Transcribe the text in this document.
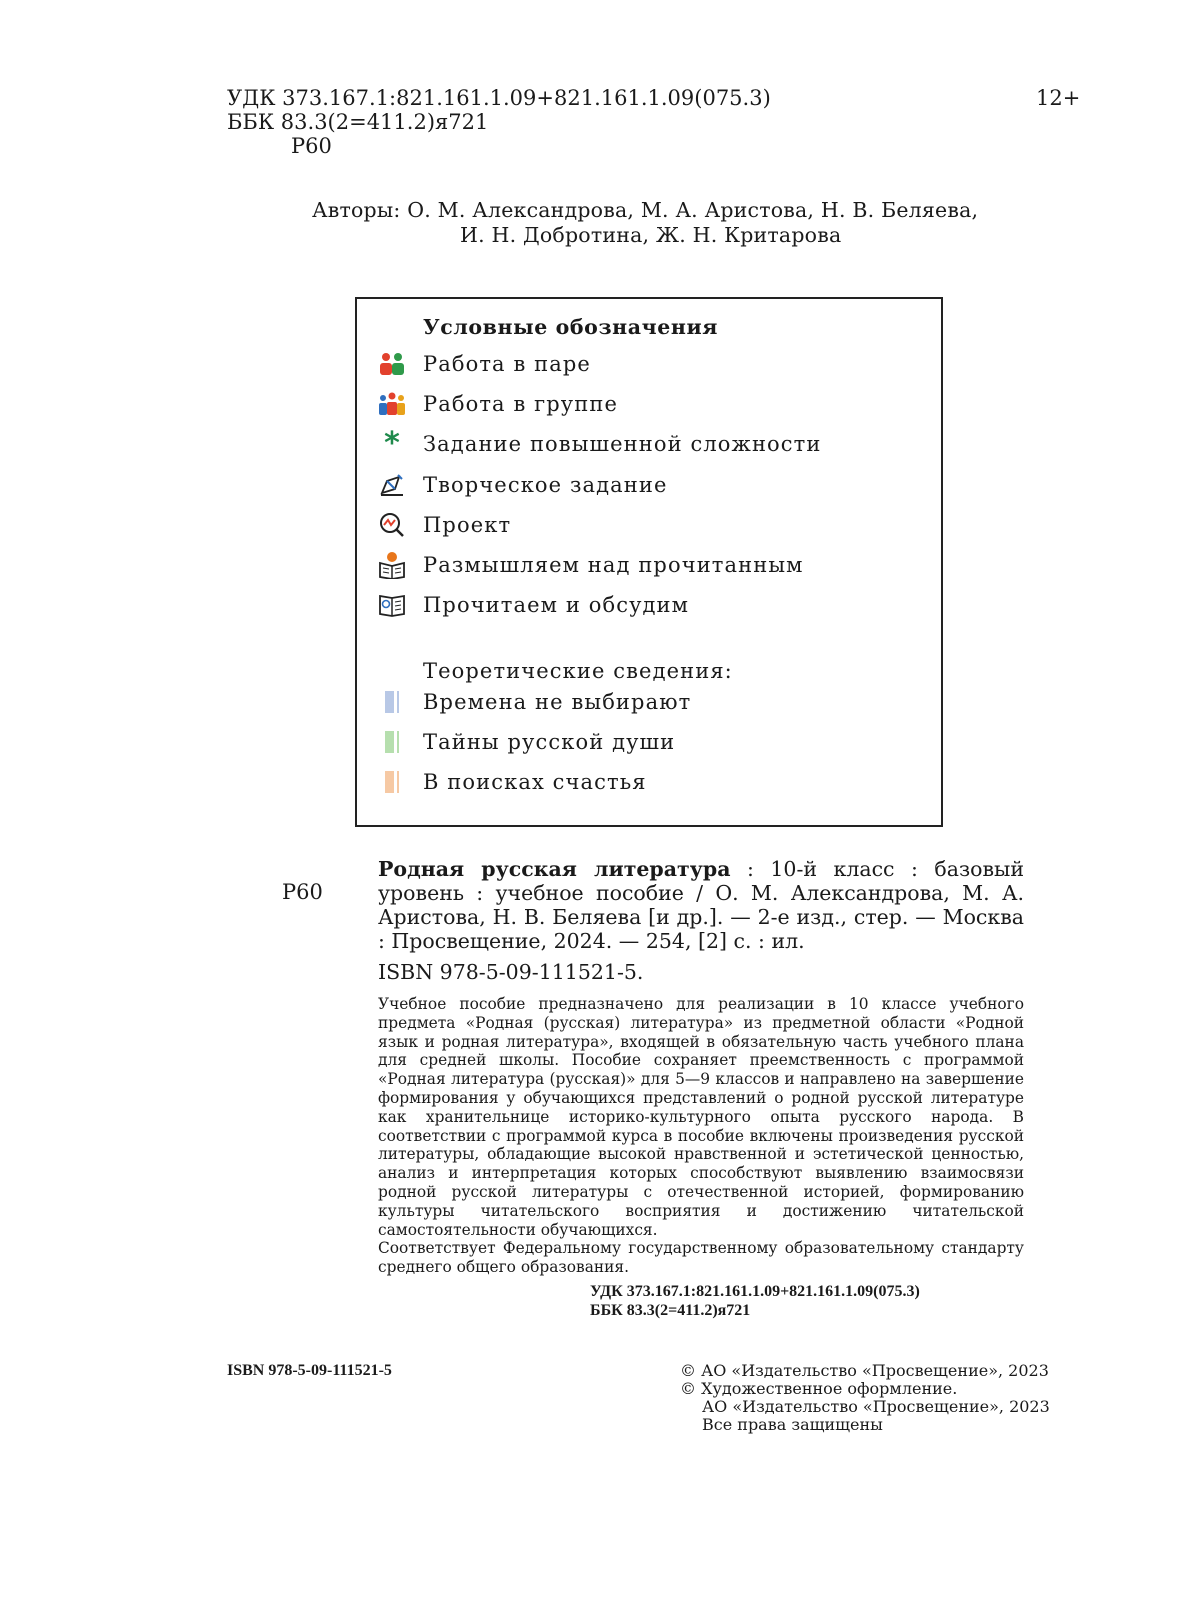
УДК 373.167.1:821.161.1.09+821.161.1.09(075.3)
ББК 83.3(2=411.2)я721
Р60
12+
Авторы: О. М. Александрова, М. А. Аристова, Н. В. Беляева,
И. Н. Добротина, Ж. Н. Критарова
Условные обозначения
Работа в паре
Работа в группе
* Задание повышенной сложности
Творческое задание
Проект
Размышляем над прочитанным
Прочитаем и обсудим
Теоретические сведения:
Времена не выбирают
Тайны русской души
В поисках счастья
Р60
Родная русская литература : 10-й класс : базовый уровень : учебное пособие / О. М. Александрова, М. А. Аристова, Н. В. Беляева [и др.]. — 2-е изд., стер. — Москва : Просвещение, 2024. — 254, [2] с. : ил.
ISBN 978-5-09-111521-5.

Учебное пособие предназначено для реализации в 10 классе учебного предмета «Родная (русская) литература» из предметной области «Родной язык и родная литература», входящей в обязательную часть учебного плана для средней школы. Пособие сохраняет преемственность с программой «Родная литература (русская)» для 5—9 классов и направлено на завершение формирования у обучающихся представлений о родной русской литературе как хранительнице историко-культурного опыта русского народа. В соответствии с программой курса в пособие включены произведения русской литературы, обладающие высокой нравственной и эстетической ценностью, анализ и интерпретация которых способствуют выявлению взаимосвязи родной русской литературы с отечественной историей, формированию культуры читательского восприятия и достижению читательской самостоятельности обучающихся.

Соответствует Федеральному государственному образовательному стандарту среднего общего образования.

УДК 373.167.1:821.161.1.09+821.161.1.09(075.3)
ББК 83.3(2=411.2)я721
ISBN 978-5-09-111521-5	© АО «Издательство «Просвещение», 2023
© Художественное оформление.
АО «Издательство «Просвещение», 2023
Все права защищены
